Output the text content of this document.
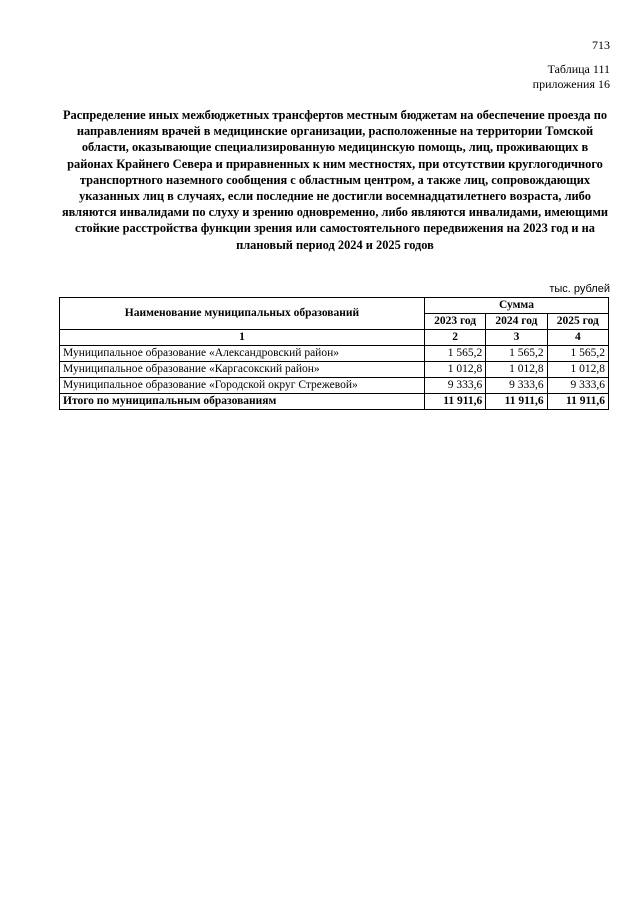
713
Таблица 111
приложения 16
Распределение иных межбюджетных трансфертов местным бюджетам на обеспечение проезда по направлениям врачей в медицинские организации, расположенные на территории Томской области, оказывающие специализированную медицинскую помощь, лиц, проживающих в районах Крайнего Севера и приравненных к ним местностях, при отсутствии круглогодичного транспортного наземного сообщения с областным центром, а также лиц, сопровождающих указанных лиц в случаях, если последние не достигли восемнадцатилетнего возраста, либо являются инвалидами по слуху и зрению одновременно, либо являются инвалидами, имеющими стойкие расстройства функции зрения или самостоятельного передвижения на 2023 год и на плановый период 2024 и 2025 годов
тыс. рублей
Наименование муниципальных образований	Сумма		
	2023 год	2024 год	2025 год
1	2	3	4
Муниципальное образование «Александровский район»	1 565,2	1 565,2	1 565,2
Муниципальное образование «Каргасокский район»	1 012,8	1 012,8	1 012,8
Муниципальное образование «Городской округ Стрежевой»	9 333,6	9 333,6	9 333,6
Итого по муниципальным образованиям	11 911,6	11 911,6	11 911,6
